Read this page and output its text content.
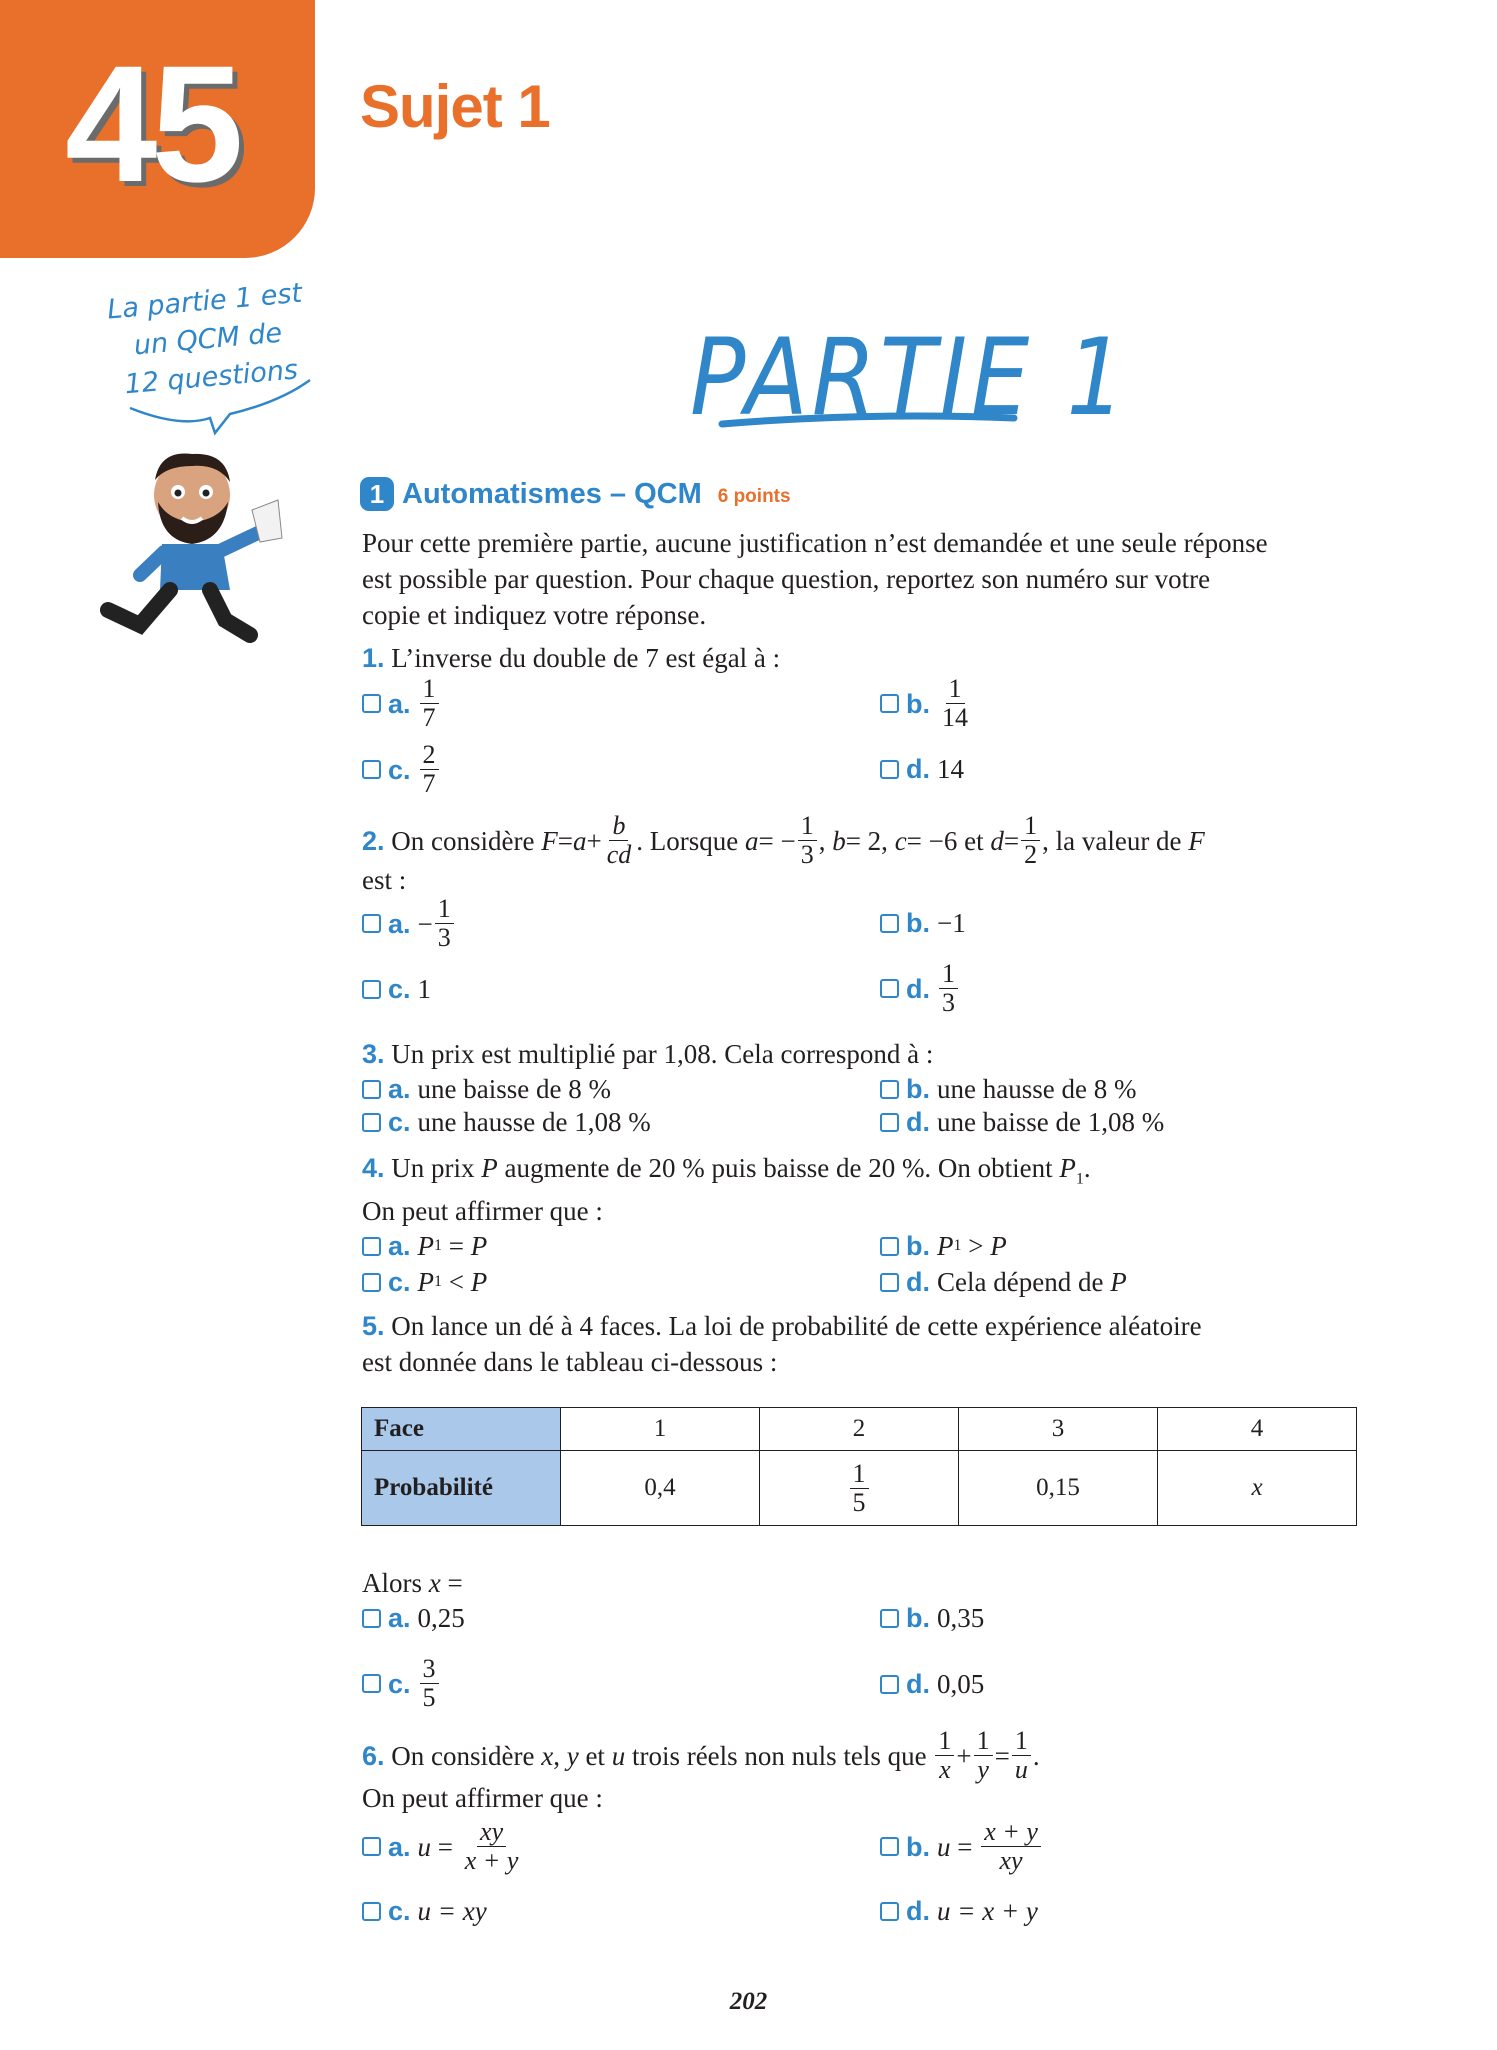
45 Sujet 1
La partie 1 est
un QCM de
12 questions	PARTIE 1
1 Automatismes – QCM 6 points
Pour cette première partie, aucune justification n’est demandée et une seule réponse
est possible par question. Pour chaque question, reportez son numéro sur votre
copie et indiquez votre réponse.
1. L’inverse du double de 7 est égal à :
a. $\frac{1}{7}$	b. $\frac{1}{14}$
c. $\frac{2}{7}$	d. 14
2.
On considère
$F = a + \frac{b}{cd}$ . Lorsque
a = − $\frac{1}{3}$ ,
b = 2,
c = −6 et
$d = \frac{1}{2}$ , la valeur de
F
est :
a. − $\frac{1}{3}$	b. −1
c. 1	d. $\frac{1}{3}$
3. Un prix est multiplié par 1,08. Cela correspond à :
a. une baisse de 8 %	b. une hausse de 8 %
c. une hausse de 1,08 %	d. une baisse de 1,08 %
4. Un prix P augmente de 20 % puis baisse de 20 %. On obtient $P_1$.
On peut affirmer que :
a. P 1 = P	b. P 1 > P
c. P 1 < P	d. Cela dépend de P
5. On lance un dé à 4 faces. La loi de probabilité de cette expérience aléatoire
est donnée dans le tableau ci-dessous :
Face	1	2	3	4
Probabilité	0,4	$\frac{1}{5}$	0,15	x
Alors x =
a. 0,25	b. 0,35
c. $\frac{3}{5}$	d. 0,05
6.
On considère
x ,
y
et
u
trois réels non nuls tels que
$\frac{1}{x} + \frac{1}{y} = \frac{1}{u}$ .
On peut affirmer que :
a. $u = \frac{xy}{x + y}$	b. $u = \frac{x + y}{xy}$
c. u = xy	d. u = x + y
202
